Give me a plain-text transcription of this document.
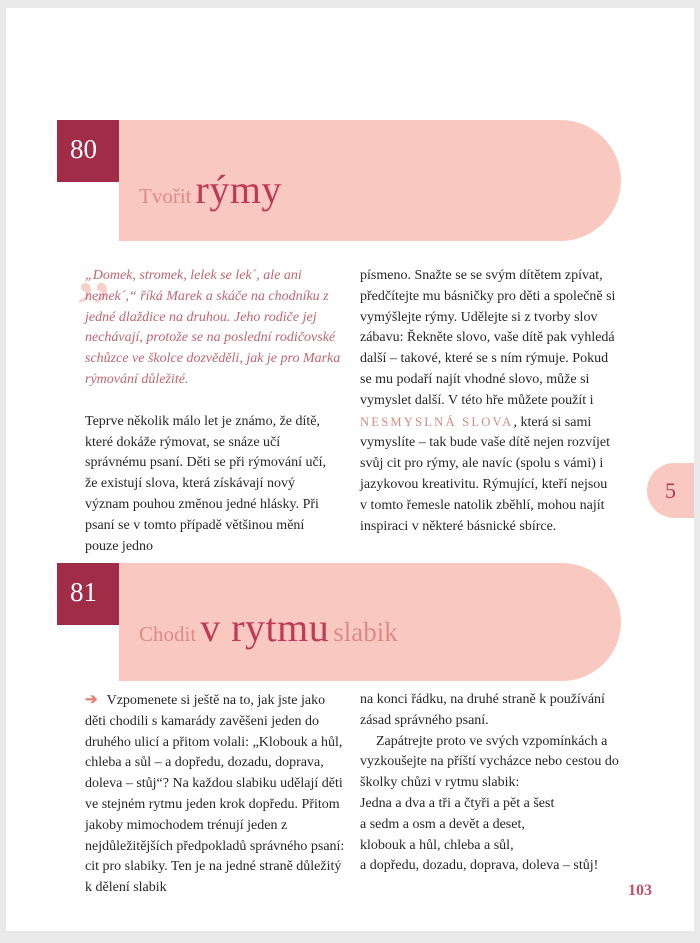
80
Tvořit rýmy
„

„Domek, stromek, lelek se lek´, ale ani nemek´,“ říká Marek a skáče na chodníku z jedné dlaždice na druhou. Jeho rodiče jej nechávají, protože se na poslední rodičovské schůzce ve školce dozvěděli, jak je pro Marka rýmování důležité.

Teprve několik málo let je známo, že dítě, které dokáže rýmovat, se snáze učí správnému psaní. Děti se při rýmování učí, že existují slova, která získávají nový význam pouhou změnou jedné hlásky. Při psaní se v tomto případě většinou mění pouze jedno

písmeno. Snažte se se svým dítětem zpívat, předčítejte mu básničky pro děti a společně si vymýšlejte rýmy. Udělejte si z tvorby slov zábavu: Řekněte slovo, vaše dítě pak vyhledá další – takové, které se s ním rýmuje. Pokud se mu podaří najít vhodné slovo, může si vymyslet další. V této hře můžete použít i NESMYSLNÁ SLOVA, která si sami vymyslíte – tak bude vaše dítě nejen rozvíjet svůj cit pro rýmy, ale navíc (spolu s vámi) i jazykovou kreativitu. Rýmující, kteří nejsou v tomto řemesle natolik zběhlí, mohou najít inspiraci v některé básnické sbírce.

5
81
Chodit v rytmu slabik

➔ Vzpomenete si ještě na to, jak jste jako děti chodili s kamarády zavěšeni jeden do druhého ulicí a přitom volali: „Klobouk a hůl, chleba a sůl – a dopředu, dozadu, doprava, doleva – stůj“? Na každou slabiku udělají děti ve stejném rytmu jeden krok dopředu. Přitom jakoby mimochodem trénují jeden z nejdůležitějších předpokladů správného psaní: cit pro slabiky. Ten je na jedné straně důležitý k dělení slabik

na konci řádku, na druhé straně k používání zásad správného psaní.

Zapátrejte proto ve svých vzpomínkách a vyzkoušejte na příští vycházce nebo cestou do školky chůzi v rytmu slabik:

Jedna a dva a tři a čtyři a pět a šest
a sedm a osm a devět a deset,
klobouk a hůl, chleba a sůl,
a dopředu, dozadu, doprava, doleva – stůj!
103
